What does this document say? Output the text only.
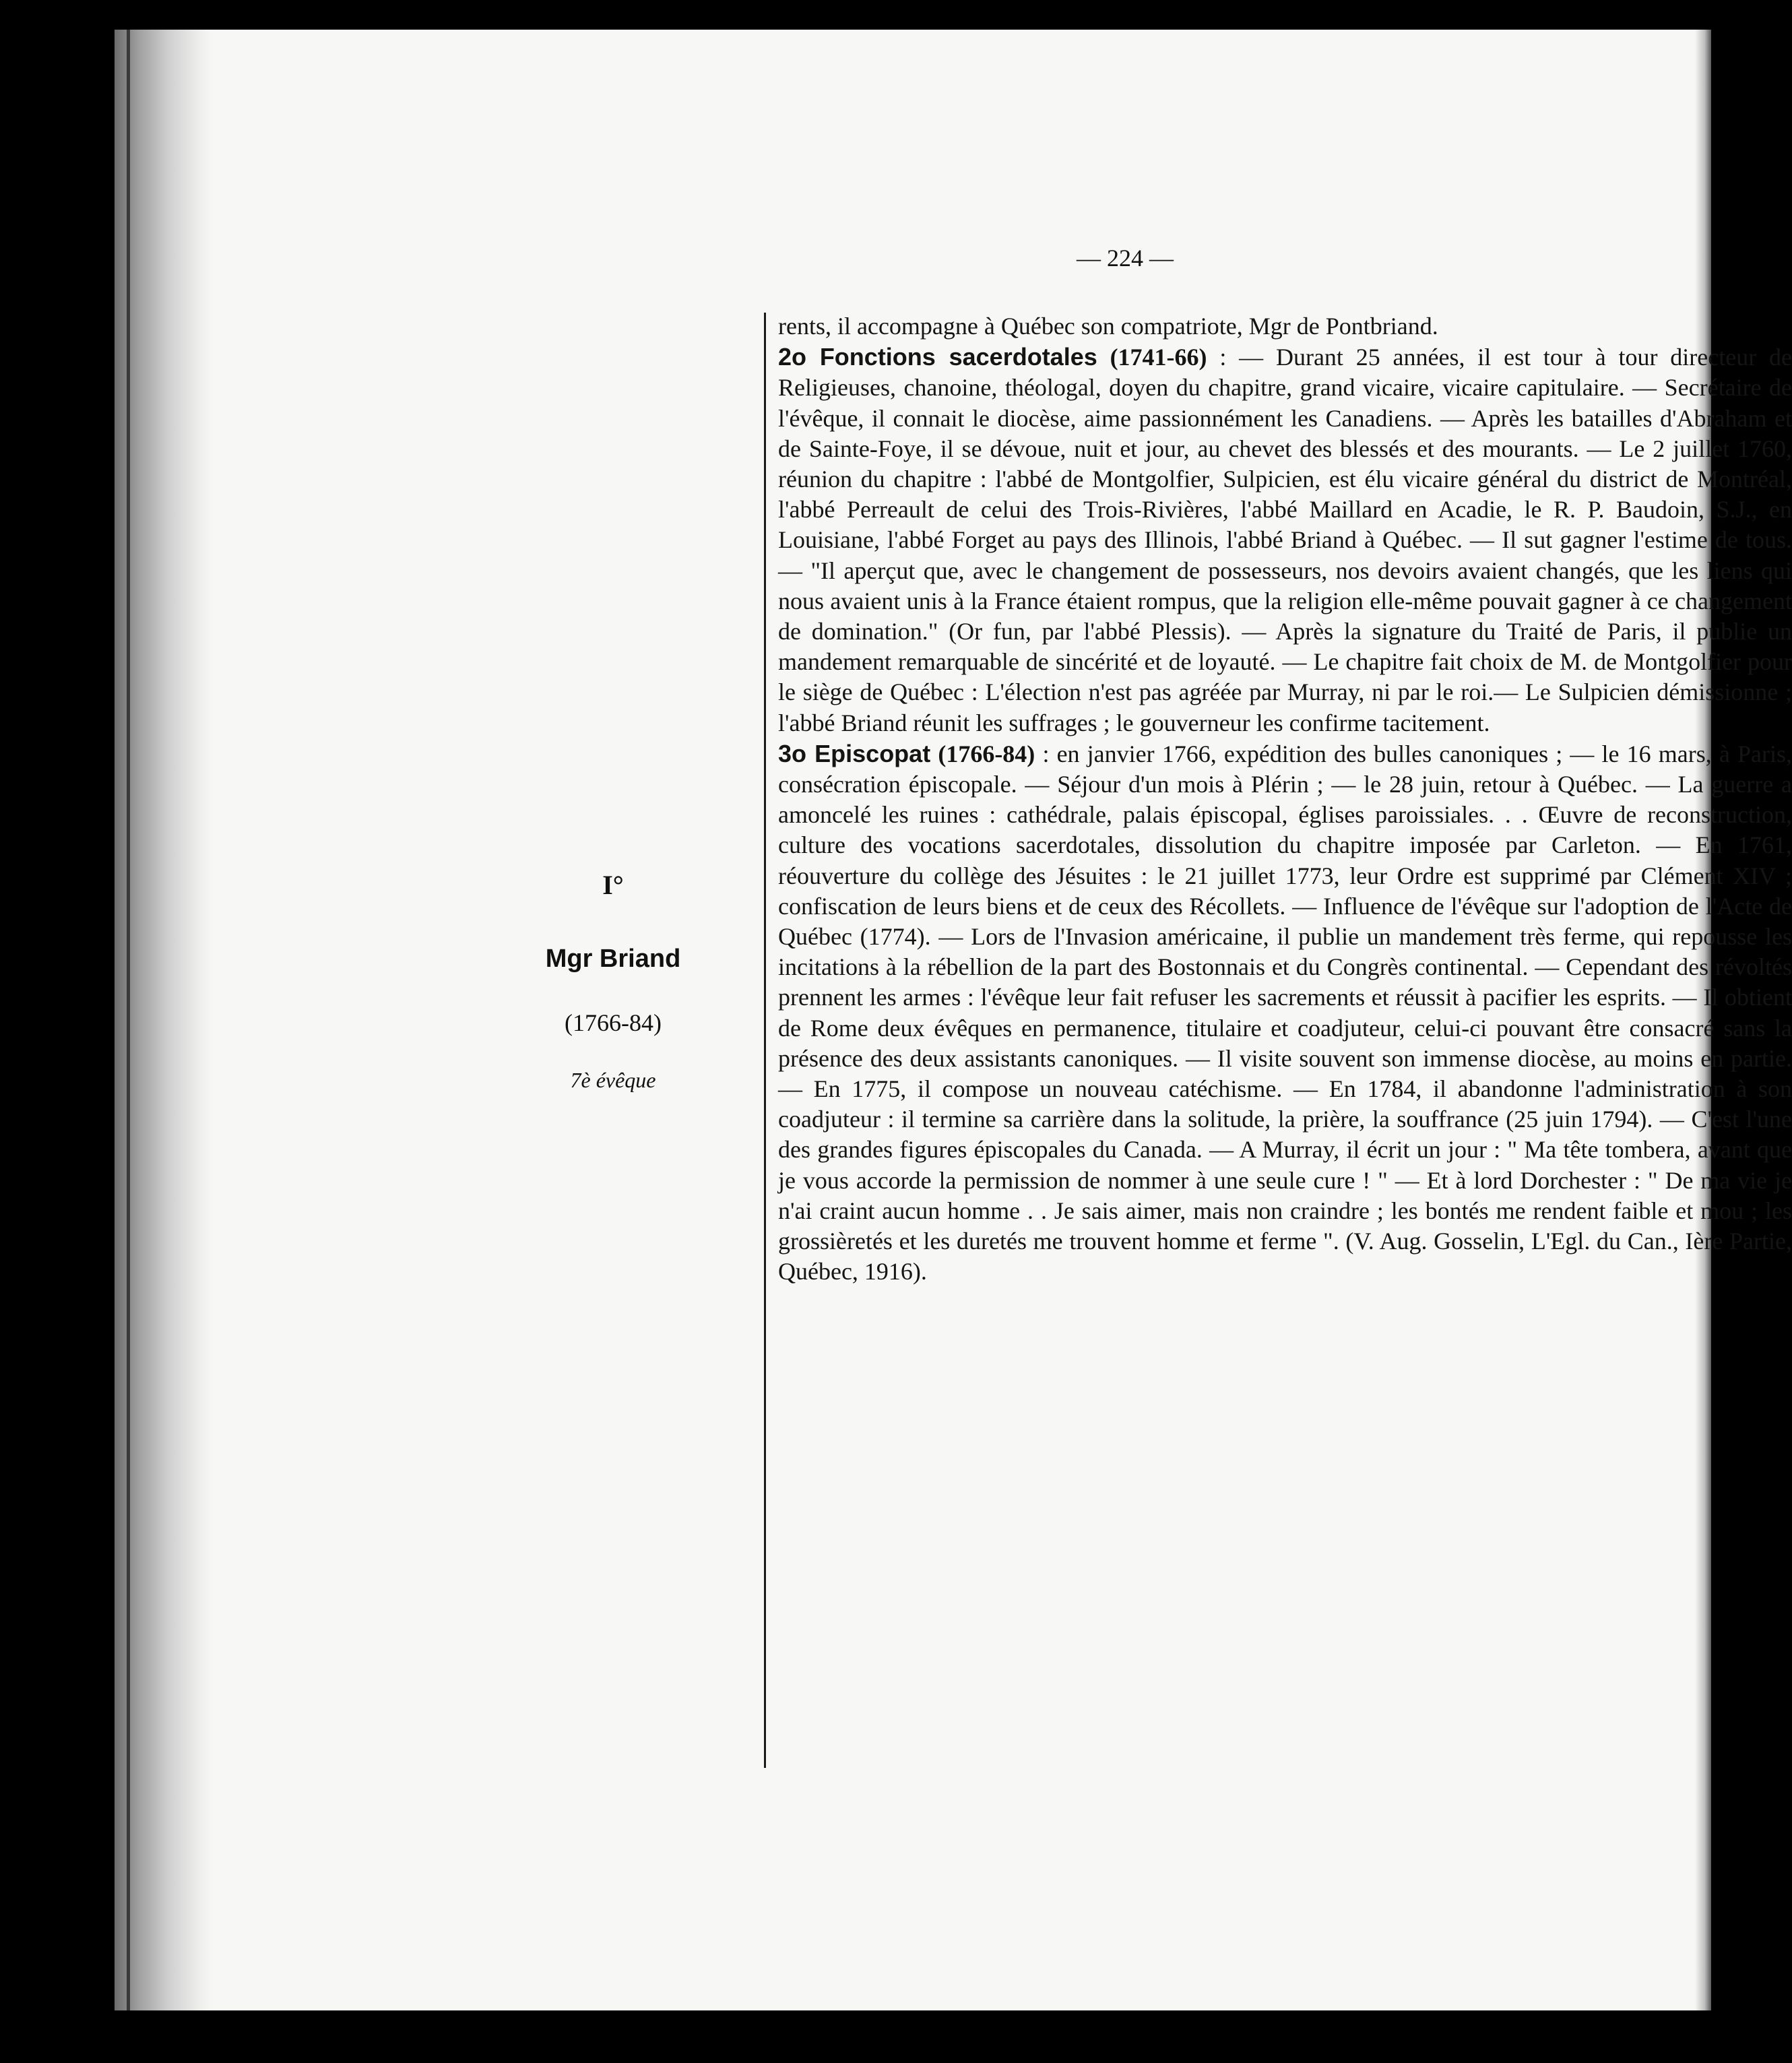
— 224 —
I°
Mgr Briand
(1766-84)
7è évêque

rents, il accompagne à Québec son compatriote, Mgr de Pontbriand.

2o Fonctions sacerdotales (1741-66) : — Durant 25 années, il est tour à tour directeur de Religieuses, chanoine, théologal, doyen du chapitre, grand vicaire, vicaire capitulaire. — Secrétaire de l'évêque, il connait le diocèse, aime passionnément les Canadiens. — Après les batailles d'Abraham et de Sainte-Foye, il se dévoue, nuit et jour, au chevet des blessés et des mourants. — Le 2 juillet 1760, réunion du chapitre : l'abbé de Montgolfier, Sulpicien, est élu vicaire général du district de Montréal, l'abbé Perreault de celui des Trois-Rivières, l'abbé Maillard en Acadie, le R. P. Baudoin, S.J., en Louisiane, l'abbé Forget au pays des Illinois, l'abbé Briand à Québec. — Il sut gagner l'estime de tous. — "Il aperçut que, avec le changement de possesseurs, nos devoirs avaient changés, que les liens qui nous avaient unis à la France étaient rompus, que la religion elle-même pouvait gagner à ce changement de domination." (Or fun, par l'abbé Plessis). — Après la signature du Traité de Paris, il publie un mandement remarquable de sincérité et de loyauté. — Le chapitre fait choix de M. de Montgolfier pour le siège de Québec : L'élection n'est pas agréée par Murray, ni par le roi.— Le Sulpicien démissionne ; l'abbé Briand réunit les suffrages ; le gouverneur les confirme tacitement.

3o Episcopat (1766-84) : en janvier 1766, expédition des bulles canoniques ; — le 16 mars, à Paris, consécration épiscopale. — Séjour d'un mois à Plérin ; — le 28 juin, retour à Québec. — La guerre a amoncelé les ruines : cathédrale, palais épiscopal, églises paroissiales. . . Œuvre de reconstruction, culture des vocations sacerdotales, dissolution du chapitre imposée par Carleton. — En 1761, réouverture du collège des Jésuites : le 21 juillet 1773, leur Ordre est supprimé par Clément XIV ; confiscation de leurs biens et de ceux des Récollets. — Influence de l'évêque sur l'adoption de l'Acte de Québec (1774). — Lors de l'Invasion américaine, il publie un mandement très ferme, qui repousse les incitations à la rébellion de la part des Bostonnais et du Congrès continental. — Cependant des révoltés prennent les armes : l'évêque leur fait refuser les sacrements et réussit à pacifier les esprits. — Il obtient de Rome deux évêques en permanence, titulaire et coadjuteur, celui-ci pouvant être consacré sans la présence des deux assistants canoniques. — Il visite souvent son immense diocèse, au moins en partie. — En 1775, il compose un nouveau catéchisme. — En 1784, il abandonne l'administration à son coadjuteur : il termine sa carrière dans la solitude, la prière, la souffrance (25 juin 1794). — C'est l'une des grandes figures épiscopales du Canada. — A Murray, il écrit un jour : " Ma tête tombera, avant que je vous accorde la permission de nommer à une seule cure ! " — Et à lord Dorchester : " De ma vie je n'ai craint aucun homme . . Je sais aimer, mais non craindre ; les bontés me rendent faible et mou ; les grossièretés et les duretés me trouvent homme et ferme ". (V. Aug. Gosselin, L'Egl. du Can., Ière Partie, Québec, 1916).
